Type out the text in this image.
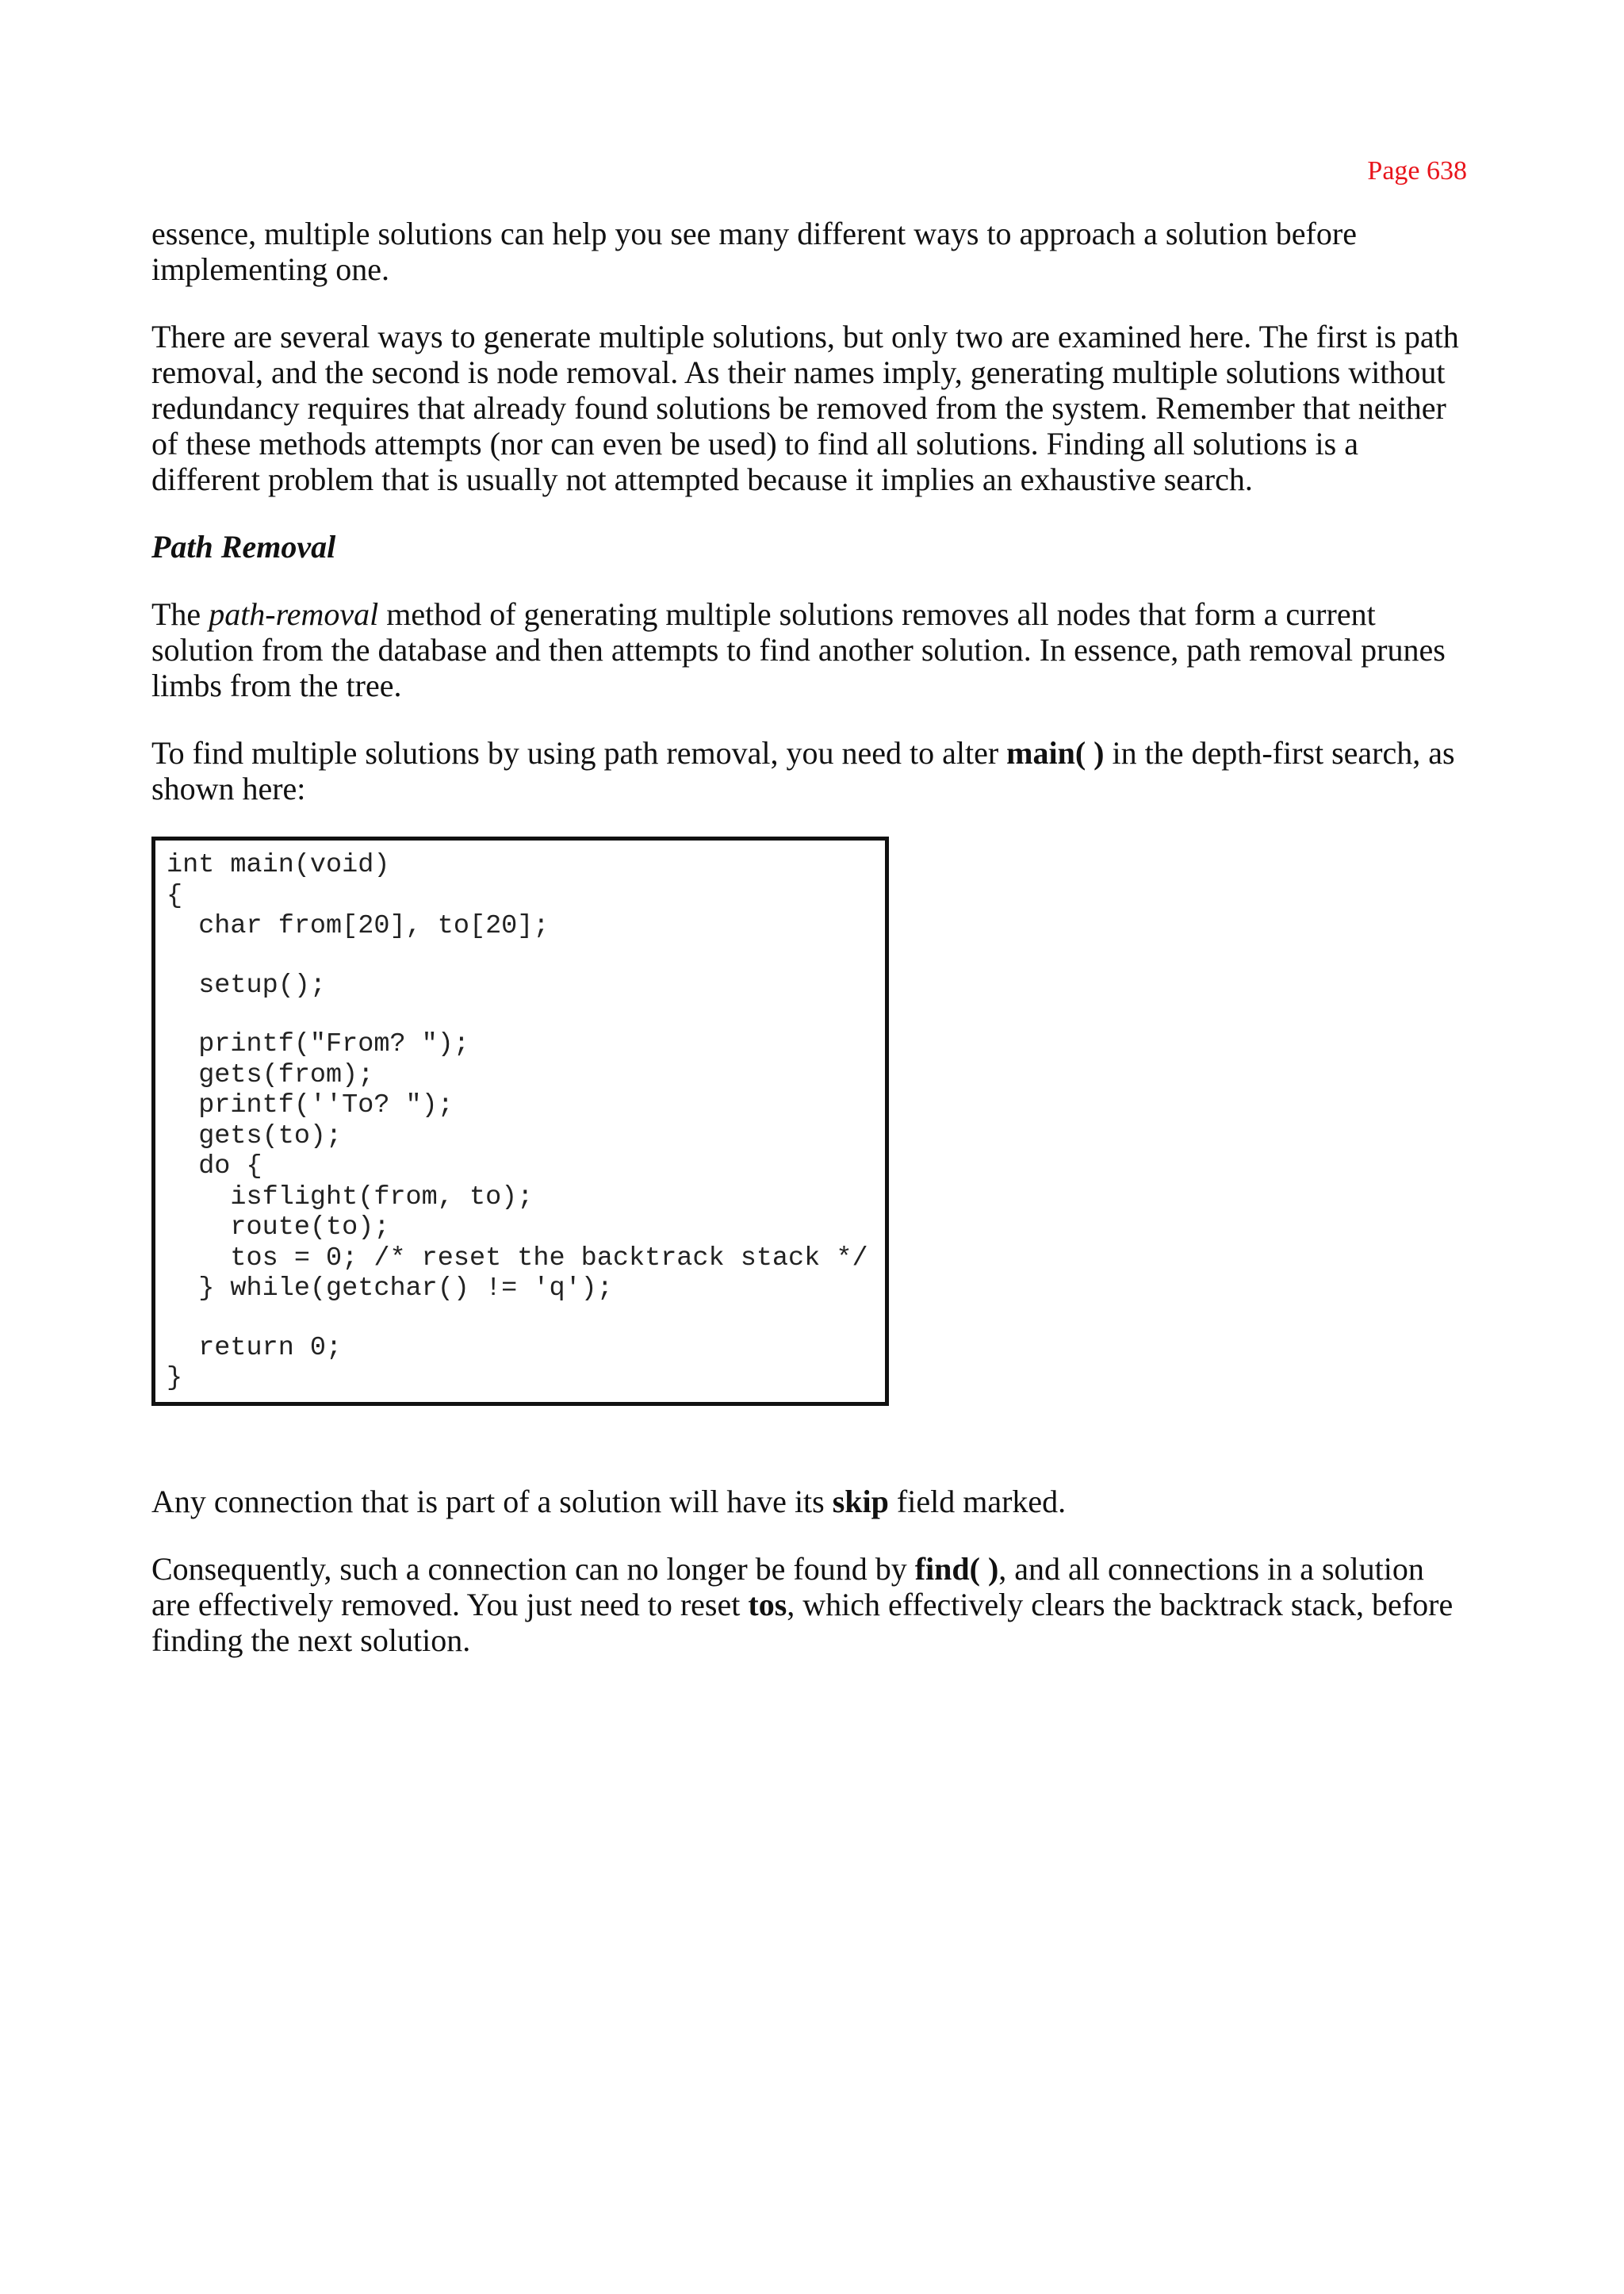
Page 638

essence, multiple solutions can help you see many different ways to approach a solution before implementing one.

There are several ways to generate multiple solutions, but only two are examined here. The first is path removal, and the second is node removal. As their names imply, generating multiple solutions without redundancy requires that already found solutions be removed from the system. Remember that neither of these methods attempts (nor can even be used) to find all solutions. Finding all solutions is a different problem that is usually not attempted because it implies an exhaustive search.

Path Removal

The path-removal method of generating multiple solutions removes all nodes that form a current solution from the database and then attempts to find another solution. In essence, path removal prunes limbs from the tree.

To find multiple solutions by using path removal, you need to alter main( ) in the depth-first search, as shown here:

int main(void)
{
char from[20], to[20];
setup();
printf("From? ");
gets(from);
printf(''To? ");
gets(to);
do {
isflight(from, to);
route(to);
tos = 0; /* reset the backtrack stack */
} while(getchar() != 'q');
return 0;
}

Any connection that is part of a solution will have its skip field marked.

Consequently, such a connection can no longer be found by find( ), and all connections in a solution are effectively removed. You just need to reset tos, which effectively clears the backtrack stack, before finding the next solution.
